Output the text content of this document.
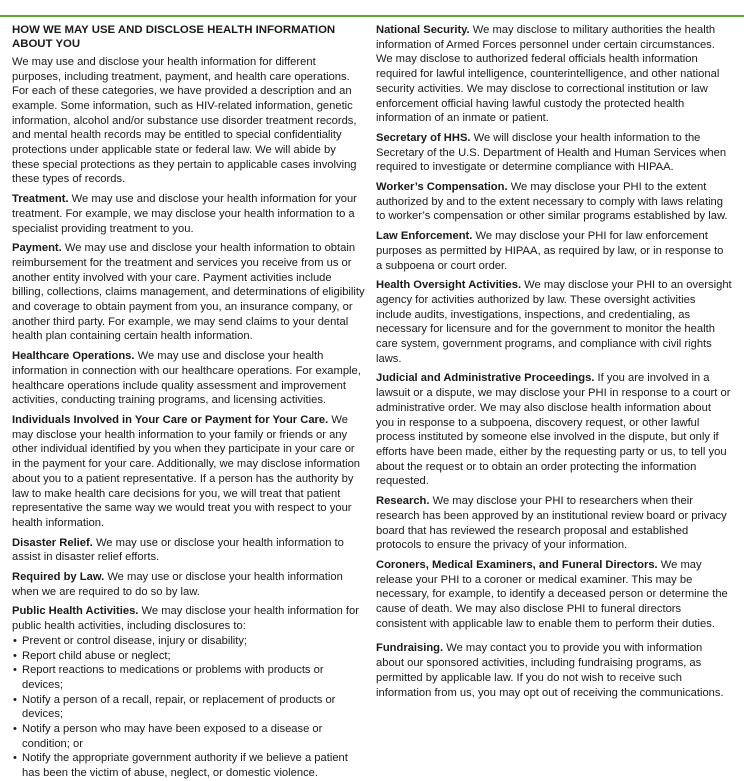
HOW WE MAY USE AND DISCLOSE HEALTH INFORMATION ABOUT YOU

We may use and disclose your health information for different purposes, including treatment, payment, and health care operations. For each of these categories, we have provided a description and an example. Some information, such as HIV-related information, genetic information, alcohol and/or substance use disorder treatment records, and mental health records may be entitled to special confidentiality protections under applicable state or federal law. We will abide by these special protections as they pertain to applicable cases involving these types of records.

Treatment. We may use and disclose your health information for your treatment. For example, we may disclose your health information to a specialist providing treatment to you.

Payment. We may use and disclose your health information to obtain reimbursement for the treatment and services you receive from us or another entity involved with your care. Payment activities include billing, collections, claims management, and determinations of eligibility and coverage to obtain payment from you, an insurance company, or another third party. For example, we may send claims to your dental health plan containing certain health information.

Healthcare Operations. We may use and disclose your health information in connection with our healthcare operations. For example, healthcare operations include quality assessment and improvement activities, conducting training programs, and licensing activities.

Individuals Involved in Your Care or Payment for Your Care. We may disclose your health information to your family or friends or any other individual identified by you when they participate in your care or in the payment for your care. Additionally, we may disclose information about you to a patient representative. If a person has the authority by law to make health care decisions for you, we will treat that patient representative the same way we would treat you with respect to your health information.

Disaster Relief. We may use or disclose your health information to assist in disaster relief efforts.

Required by Law. We may use or disclose your health information when we are required to do so by law.

Public Health Activities. We may disclose your health information for public health activities, including disclosures to:

• Prevent or control disease, injury or disability;
• Report child abuse or neglect;
• Report reactions to medications or problems with products or devices;
• Notify a person of a recall, repair, or replacement of products or devices;
• Notify a person who may have been exposed to a disease or condition; or
• Notify the appropriate government authority if we believe a patient has been the victim of abuse, neglect, or domestic violence.

National Security. We may disclose to military authorities the health information of Armed Forces personnel under certain circumstances. We may disclose to authorized federal officials health information required for lawful intelligence, counterintelligence, and other national security activities. We may disclose to correctional institution or law enforcement official having lawful custody the protected health information of an inmate or patient.

Secretary of HHS. We will disclose your health information to the Secretary of the U.S. Department of Health and Human Services when required to investigate or determine compliance with HIPAA.

Worker’s Compensation. We may disclose your PHI to the extent authorized by and to the extent necessary to comply with laws relating to worker’s compensation or other similar programs established by law.

Law Enforcement. We may disclose your PHI for law enforcement purposes as permitted by HIPAA, as required by law, or in response to a subpoena or court order.

Health Oversight Activities. We may disclose your PHI to an oversight agency for activities authorized by law. These oversight activities include audits, investigations, inspections, and credentialing, as necessary for licensure and for the government to monitor the health care system, government programs, and compliance with civil rights laws.

Judicial and Administrative Proceedings. If you are involved in a lawsuit or a dispute, we may disclose your PHI in response to a court or administrative order. We may also disclose health information about you in response to a subpoena, discovery request, or other lawful process instituted by someone else involved in the dispute, but only if efforts have been made, either by the requesting party or us, to tell you about the request or to obtain an order protecting the information requested.

Research. We may disclose your PHI to researchers when their research has been approved by an institutional review board or privacy board that has reviewed the research proposal and established protocols to ensure the privacy of your information.

Coroners, Medical Examiners, and Funeral Directors. We may release your PHI to a coroner or medical examiner. This may be necessary, for example, to identify a deceased person or determine the cause of death. We may also disclose PHI to funeral directors consistent with applicable law to enable them to perform their duties.

Fundraising. We may contact you to provide you with information about our sponsored activities, including fundraising programs, as permitted by applicable law. If you do not wish to receive such information from us, you may opt out of receiving the communications.
